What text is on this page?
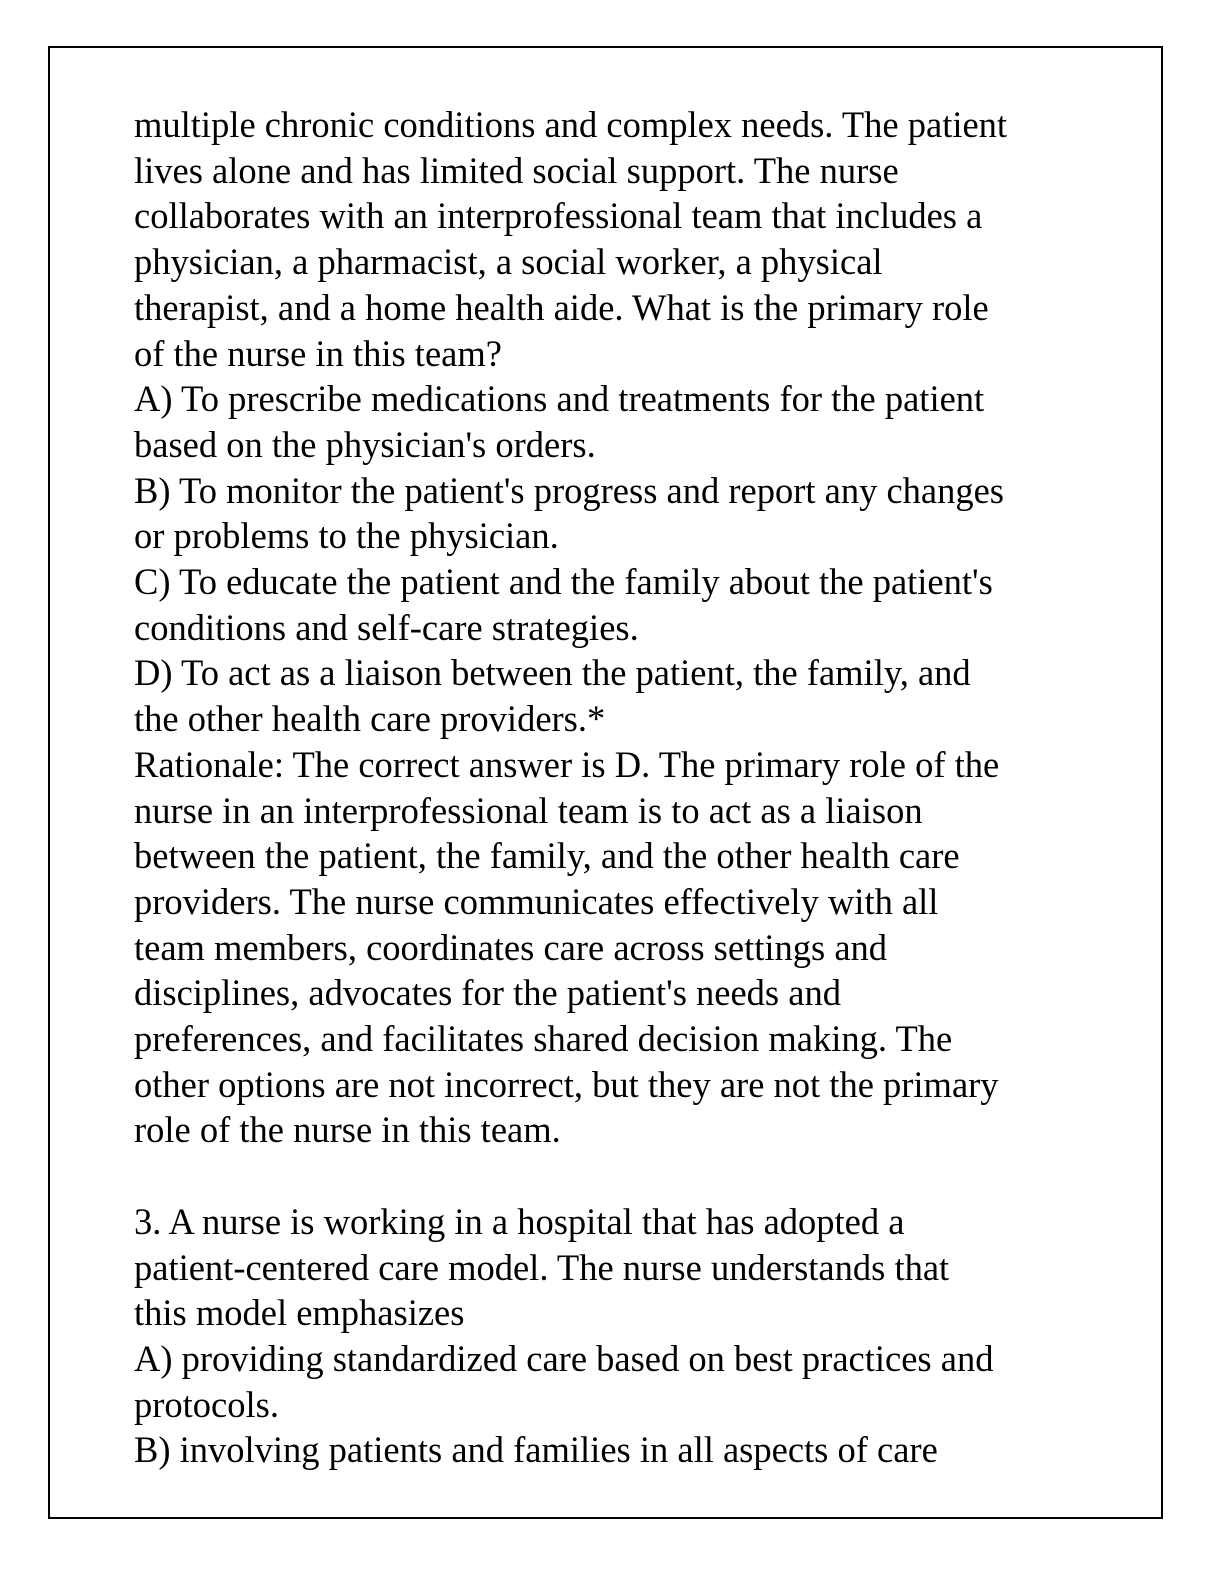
multiple chronic conditions and complex needs. The patient
lives alone and has limited social support. The nurse
collaborates with an interprofessional team that includes a
physician, a pharmacist, a social worker, a physical
therapist, and a home health aide. What is the primary role
of the nurse in this team?
A) To prescribe medications and treatments for the patient
based on the physician's orders.
B) To monitor the patient's progress and report any changes
or problems to the physician.
C) To educate the patient and the family about the patient's
conditions and self-care strategies.
D) To act as a liaison between the patient, the family, and
the other health care providers.*
Rationale: The correct answer is D. The primary role of the
nurse in an interprofessional team is to act as a liaison
between the patient, the family, and the other health care
providers. The nurse communicates effectively with all
team members, coordinates care across settings and
disciplines, advocates for the patient's needs and
preferences, and facilitates shared decision making. The
other options are not incorrect, but they are not the primary
role of the nurse in this team.
3. A nurse is working in a hospital that has adopted a
patient-centered care model. The nurse understands that
this model emphasizes
A) providing standardized care based on best practices and
protocols.
B) involving patients and families in all aspects of care
